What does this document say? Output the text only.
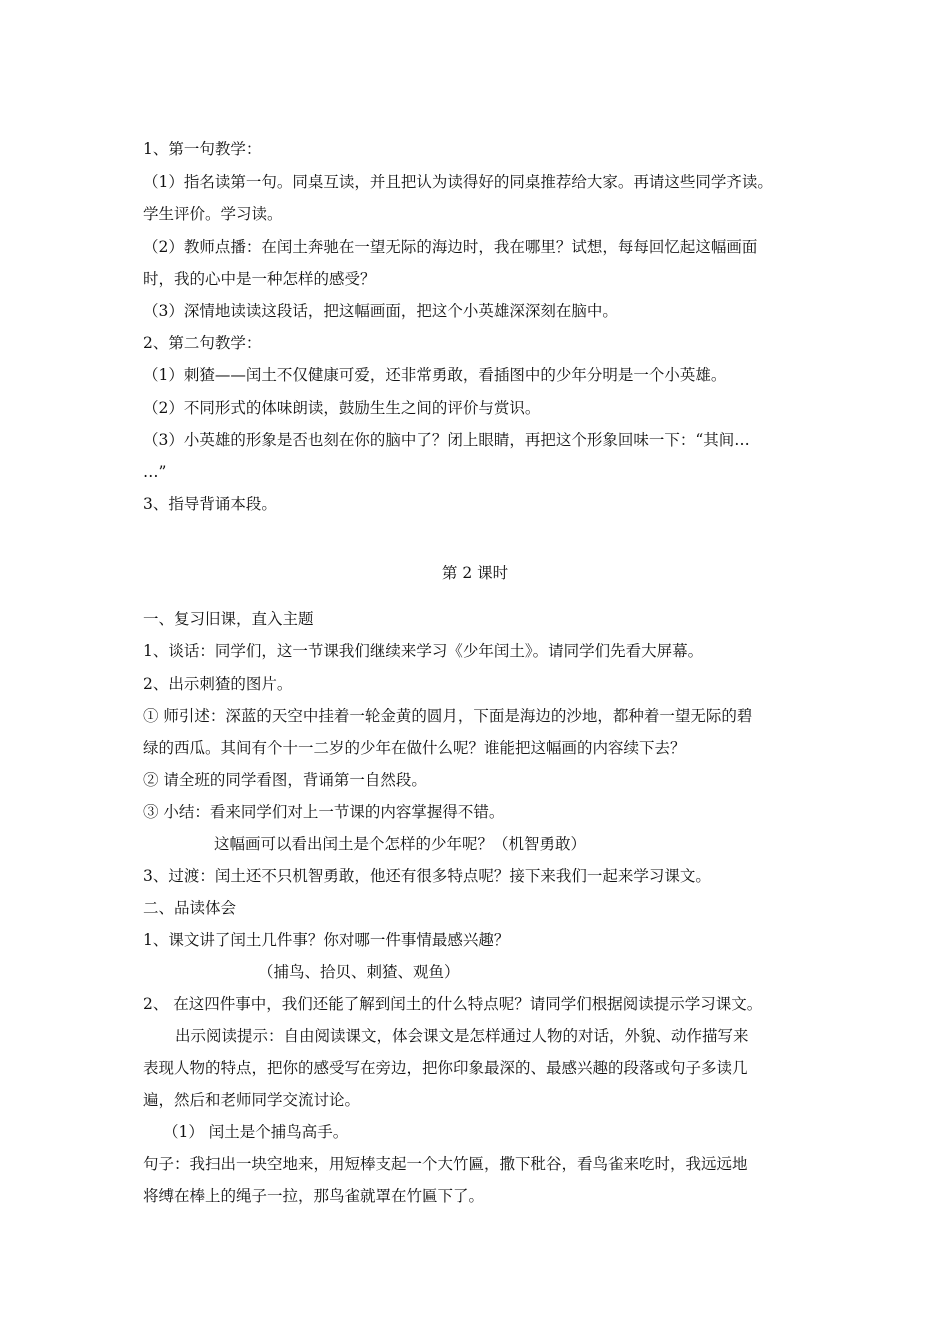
1、第一句教学：
（1）指名读第一句。同桌互读，并且把认为读得好的同桌推荐给大家。再请这些同学齐读。
学生评价。学习读。
（2）教师点播：在闰土奔驰在一望无际的海边时，我在哪里？试想，每每回忆起这幅画面
时，我的心中是一种怎样的感受？
（3）深情地读读这段话，把这幅画面，把这个小英雄深深刻在脑中。
2、第二句教学：
（1）刺猹——闰土不仅健康可爱，还非常勇敢，看插图中的少年分明是一个小英雄。
（2）不同形式的体味朗读，鼓励生生之间的评价与赏识。
（3）小英雄的形象是否也刻在你的脑中了？闭上眼睛，再把这个形象回味一下：“其间…
…”
3、指导背诵本段。
第 2 课时
一、复习旧课，直入主题
1、谈话：同学们，这一节课我们继续来学习《少年闰土》。请同学们先看大屏幕。
2、出示刺猹的图片。
① 师引述：深蓝的天空中挂着一轮金黄的圆月，下面是海边的沙地，都种着一望无际的碧
绿的西瓜。其间有个十一二岁的少年在做什么呢？谁能把这幅画的内容续下去？
② 请全班的同学看图，背诵第一自然段。
③ 小结：看来同学们对上一节课的内容掌握得不错。
这幅画可以看出闰土是个怎样的少年呢？（机智勇敢）
3、过渡：闰土还不只机智勇敢，他还有很多特点呢？接下来我们一起来学习课文。
二、品读体会
1、课文讲了闰土几件事？你对哪一件事情最感兴趣？
（捕鸟、拾贝、刺猹、观鱼）
2、 在这四件事中，我们还能了解到闰土的什么特点呢？请同学们根据阅读提示学习课文。
出示阅读提示：自由阅读课文，体会课文是怎样通过人物的对话，外貌、动作描写来
表现人物的特点，把你的感受写在旁边，把你印象最深的、最感兴趣的段落或句子多读几
遍，然后和老师同学交流讨论。
（1） 闰土是个捕鸟高手。
句子：我扫出一块空地来，用短棒支起一个大竹匾，撒下秕谷，看鸟雀来吃时，我远远地
将缚在棒上的绳子一拉，那鸟雀就罩在竹匾下了。
